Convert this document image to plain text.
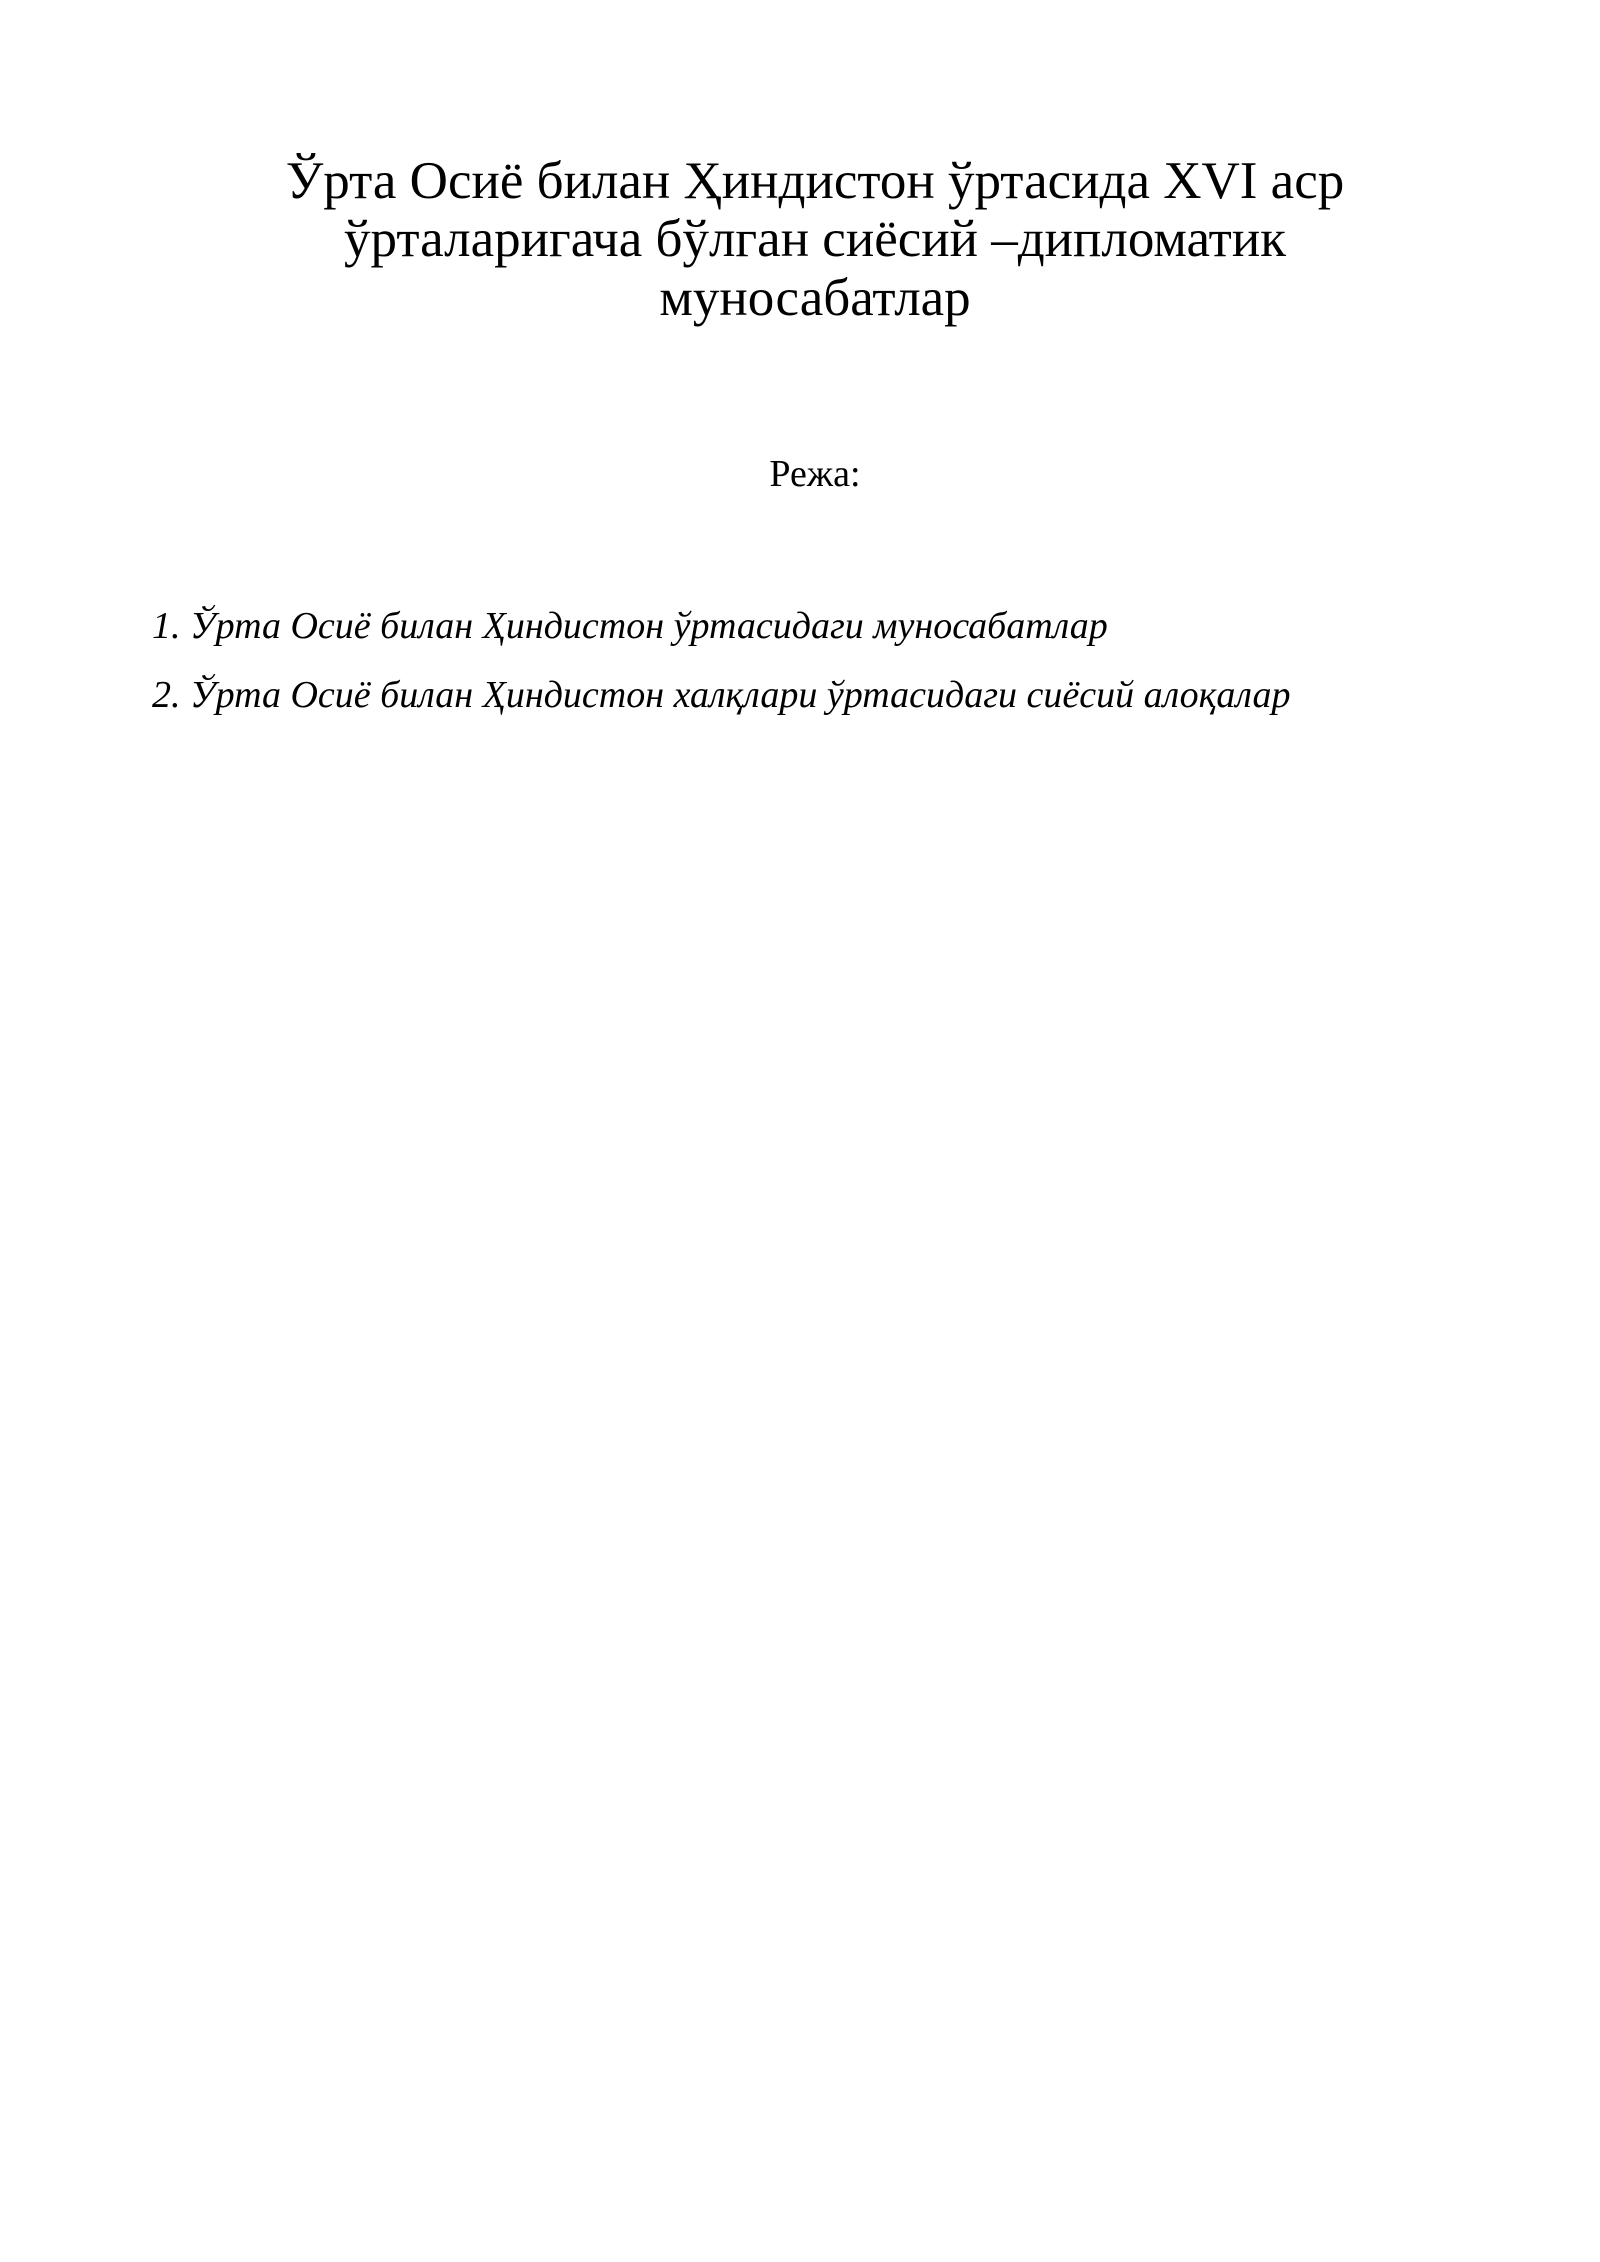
Ўрта Осиё билан Ҳиндистон ўртасида XVI аср
ўрталаригача бўлган сиёсий –дипломатик
муносабатлар

Режа:

1. Ўрта Осиё билан Ҳиндистон ўртасидаги муносабатлар
2. Ўрта Осиё билан Ҳиндистон халқлари ўртасидаги сиёсий алоқалар
